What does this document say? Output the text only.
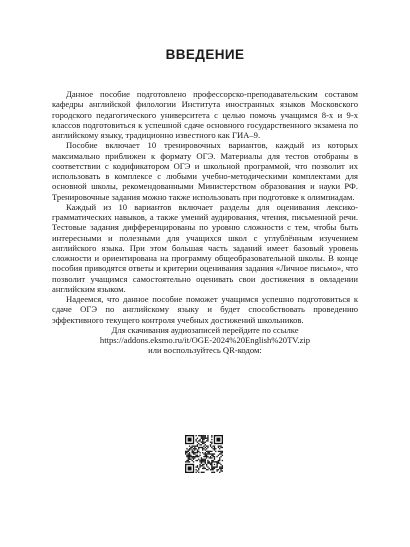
ВВЕДЕНИЕ

Данное пособие подготовлено профессорско-преподавательским составом кафедры английской филологии Института иностранных языков Московского городского педагогического университета с целью помочь учащимся 8-х и 9-х классов подготовиться к успешной сдаче основного государственного экзамена по английскому языку, традиционно известного как ГИА–9.

Пособие включает 10 тренировочных вариантов, каждый из которых максимально приближен к формату ОГЭ. Материалы для тестов отобраны в соответствии с кодификатором ОГЭ и школьной программой, что позволит их использовать в комплексе с любыми учебно-методическими комплектами для основной школы, рекомендованными Министерством образования и науки РФ. Тренировочные задания можно также использовать при подготовке к олимпиадам.

Каждый из 10 вариантов включает разделы для оценивания лексико-грамматических навыков, а также умений аудирования, чтения, письменной речи. Тестовые задания дифференцированы по уровню сложности с тем, чтобы быть интересными и полезными для учащихся школ с углублённым изучением английского языка. При этом большая часть заданий имеет базовый уровень сложности и ориентирована на программу общеобразовательной школы. В конце пособия приводятся ответы и критерии оценивания задания «Личное письмо», что позволит учащимся самостоятельно оценивать свои достижения в овладении английским языком.

Надеемся, что данное пособие поможет учащимся успешно подготовиться к сдаче ОГЭ по английскому языку и будет способствовать проведению эффективного текущего контроля учебных достижений школьников.

Для скачивания аудиозаписей перейдите по ссылке
https://addons.eksmo.ru/it/OGE-2024%20English%20TV.zip
или воспользуйтесь QR-кодом:
